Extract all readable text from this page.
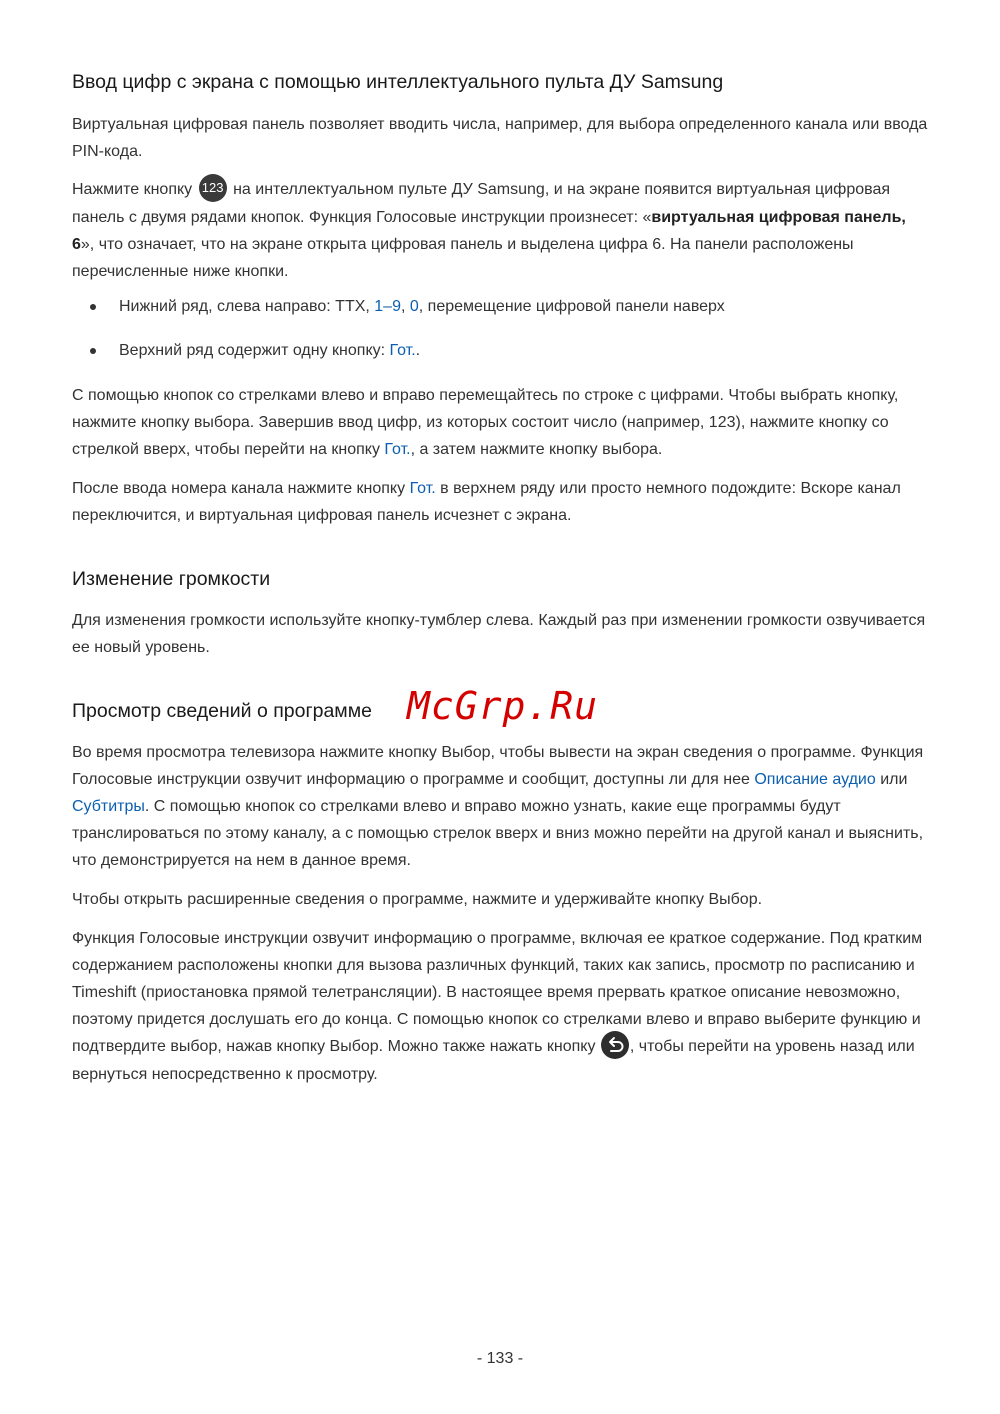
Ввод цифр с экрана с помощью интеллектуального пульта ДУ Samsung

Виртуальная цифровая панель позволяет вводить числа, например, для выбора определенного канала или ввода PIN-кода.

Нажмите кнопку 123 на интеллектуальном пульте ДУ Samsung, и на экране появится виртуальная цифровая панель с двумя рядами кнопок. Функция Голосовые инструкции произнесет: «виртуальная цифровая панель, 6», что означает, что на экране открыта цифровая панель и выделена цифра 6. На панели расположены перечисленные ниже кнопки.

Нижний ряд, слева направо: TTX, 1–9, 0, перемещение цифровой панели наверх
Верхний ряд содержит одну кнопку: Гот..

С помощью кнопок со стрелками влево и вправо перемещайтесь по строке с цифрами. Чтобы выбрать кнопку, нажмите кнопку выбора. Завершив ввод цифр, из которых состоит число (например, 123), нажмите кнопку со стрелкой вверх, чтобы перейти на кнопку Гот., а затем нажмите кнопку выбора.

После ввода номера канала нажмите кнопку Гот. в верхнем ряду или просто немного подождите: Вскоре канал переключится, и виртуальная цифровая панель исчезнет с экрана.

Изменение громкости

Для изменения громкости используйте кнопку-тумблер слева. Каждый раз при изменении громкости озвучивается ее новый уровень.

Просмотр сведений о программе

Во время просмотра телевизора нажмите кнопку Выбор, чтобы вывести на экран сведения о программе. Функция Голосовые инструкции озвучит информацию о программе и сообщит, доступны ли для нее Описание аудио или Субтитры. С помощью кнопок со стрелками влево и вправо можно узнать, какие еще программы будут транслироваться по этому каналу, а с помощью стрелок вверх и вниз можно перейти на другой канал и выяснить, что демонстрируется на нем в данное время.

Чтобы открыть расширенные сведения о программе, нажмите и удерживайте кнопку Выбор.

Функция Голосовые инструкции озвучит информацию о программе, включая ее краткое содержание. Под кратким содержанием расположены кнопки для вызова различных функций, таких как запись, просмотр по расписанию и Timeshift (приостановка прямой телетрансляции). В настоящее время прервать краткое описание невозможно, поэтому придется дослушать его до конца. С помощью кнопок со стрелками влево и вправо выберите функцию и подтвердите выбор, нажав кнопку Выбор. Можно также нажать кнопку
, чтобы перейти на уровень назад или вернуться непосредственно к просмотру.

McGrp.Ru
- 133 -
